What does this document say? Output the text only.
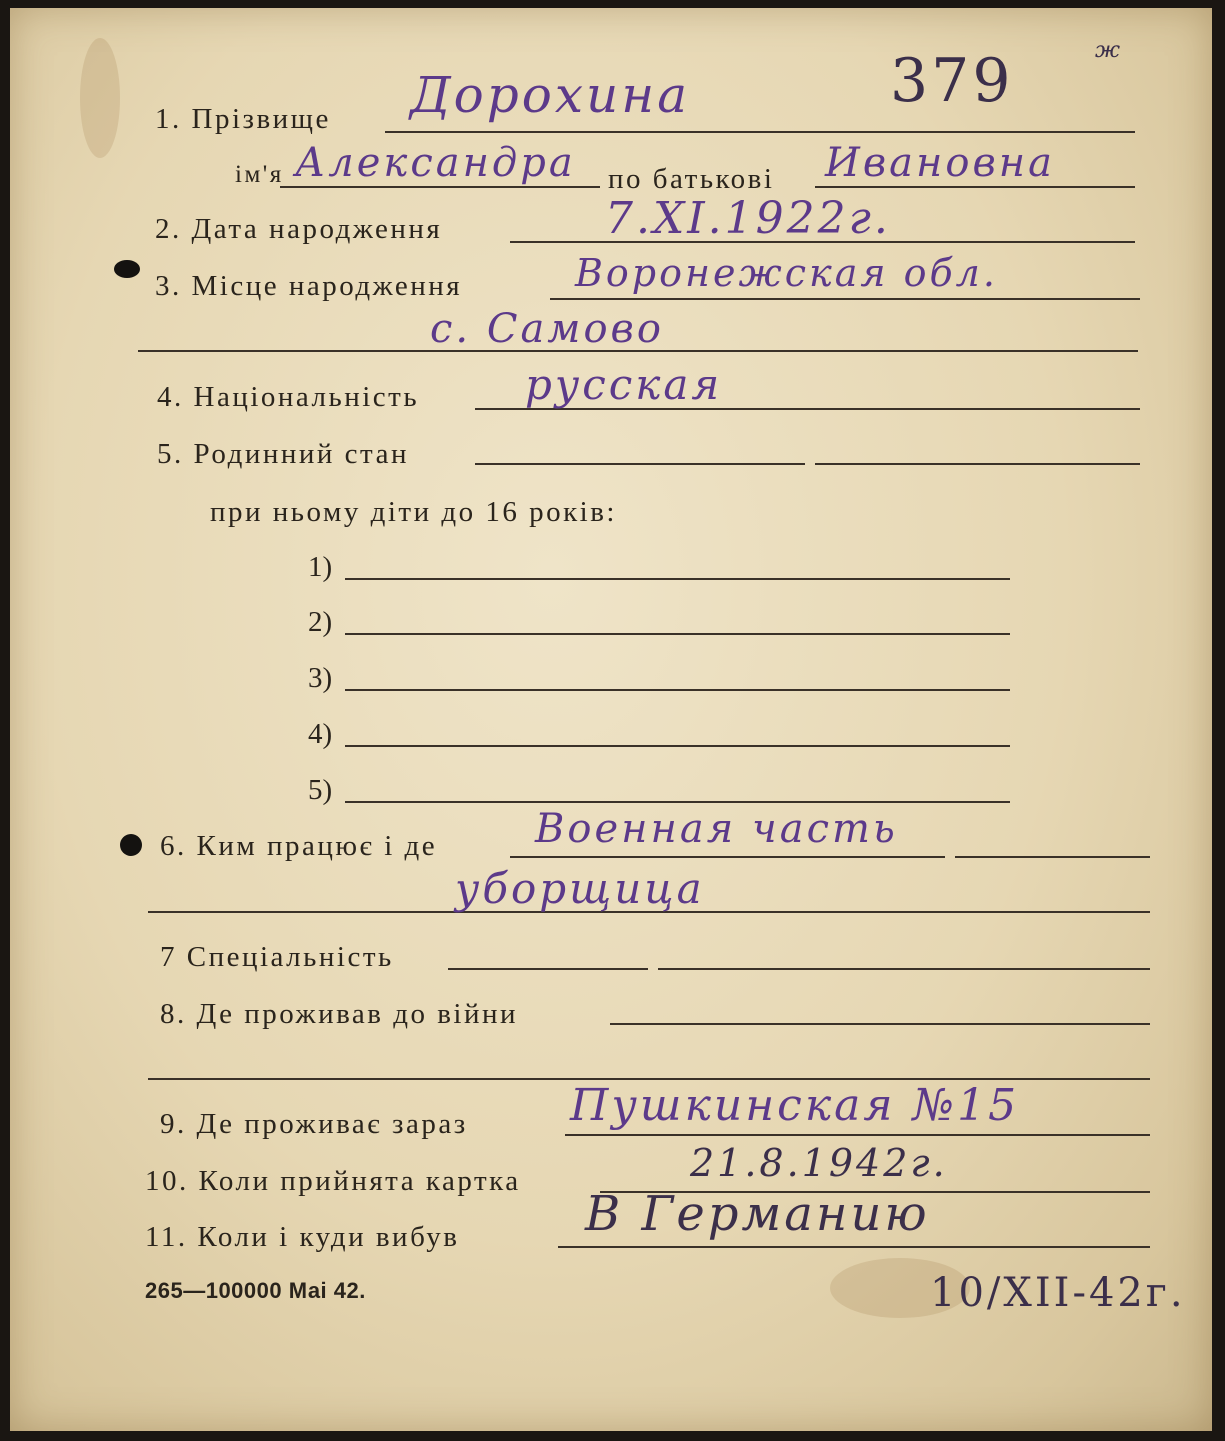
379	ж
1. Прізвище Дорохина
ім'я Александра по батькові Ивановна
2. Дата народження	7.XI.1922г.
3. Місце народження	Воронежская обл.
с. Самово
4. Національність	русская
5. Родинний стан
при ньому діти до 16 років:
1)
2)
3)
4)
5)
6. Ким працює і де Военная часть
уборщица
7 Спеціальність
8. Де проживав до війни
9. Де проживає зараз Пушкинская №15
10. Коли прийнята картка	21.8.1942г.
11. Коли і куди вибув	В Германию
265—100000 Маі 42.	10/XII-42г.
